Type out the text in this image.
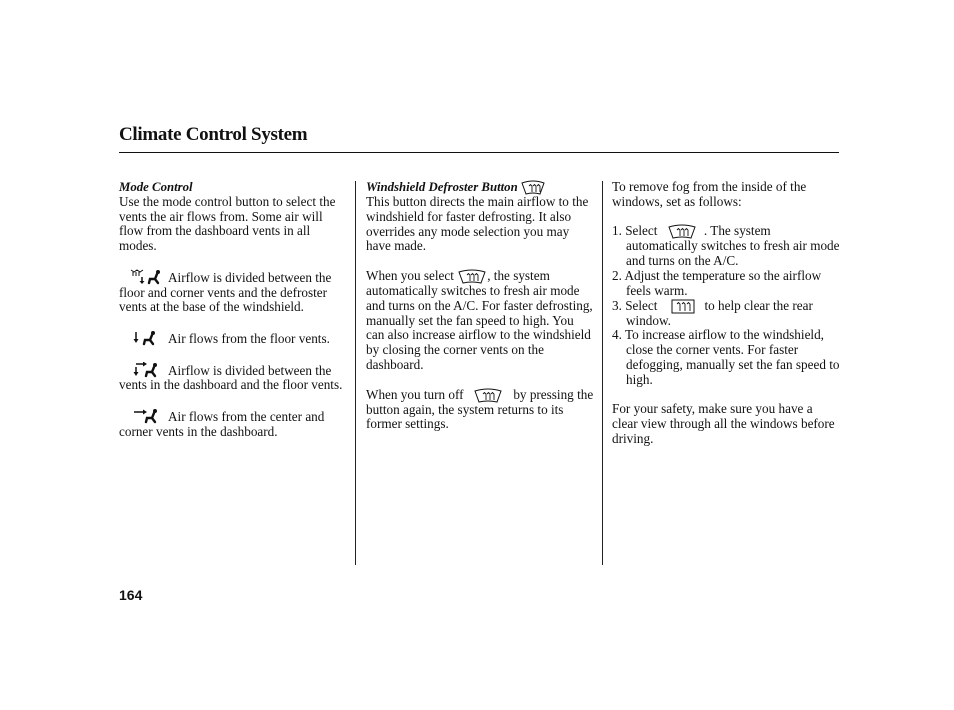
Climate Control System
Mode Control

Use the mode control button to select the vents the air flows from. Some air will flow from the dashboard vents in all modes.

Airflow is divided between the floor and corner vents and the defroster vents at the base of the windshield.

Air flows from the floor vents.

Airflow is divided between the vents in the dashboard and the floor vents.

Air flows from the center and corner vents in the dashboard.

Windshield Defroster Button

This button directs the main airflow to the windshield for faster defrosting. It also overrides any mode selection you may have made.

When you select	, the system automatically switches to fresh air mode and turns on the A/C. For faster defrosting, manually set the fan speed to high. You can also increase airflow to the windshield by closing the corner vents on the dashboard.

When you turn off	by pressing the button again, the system returns to its former settings.

To remove fog from the inside of the windows, set as follows:

1. Select	. The system automatically switches to fresh air mode and turns on the A/C.

2. Adjust the temperature so the airflow feels warm.

3. Select	to help clear the rear window.

4. To increase airflow to the windshield, close the corner vents. For faster defogging, manually set the fan speed to high.

For your safety, make sure you have a clear view through all the windows before driving.

164
